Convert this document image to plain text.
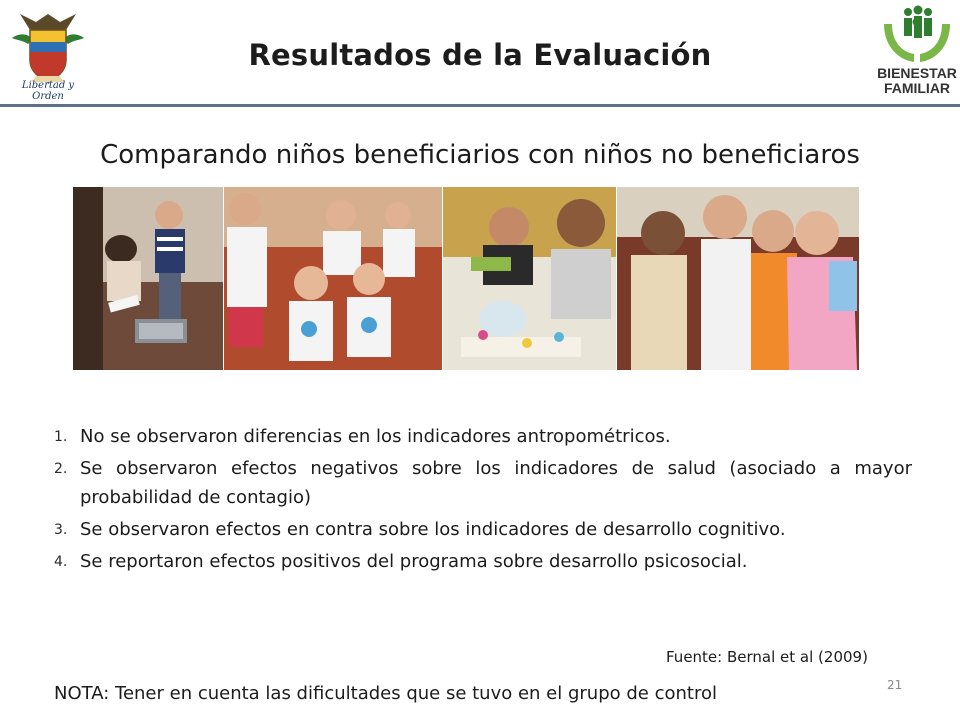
Libertad y Orden
Resultados de la Evaluación
BIENESTAR
FAMILIAR
Comparando niños beneficiarios con niños no beneficiaros
1. No se observaron diferencias en los indicadores antropométricos.
2. Se observaron efectos negativos sobre los indicadores de salud (asociado a mayor probabilidad de contagio)
3. Se observaron efectos en contra sobre los indicadores de desarrollo cognitivo.
4. Se reportaron efectos positivos del programa sobre desarrollo psicosocial.
Fuente: Bernal et al (2009)
21
NOTA: Tener en cuenta las dificultades que se tuvo en el grupo de control
